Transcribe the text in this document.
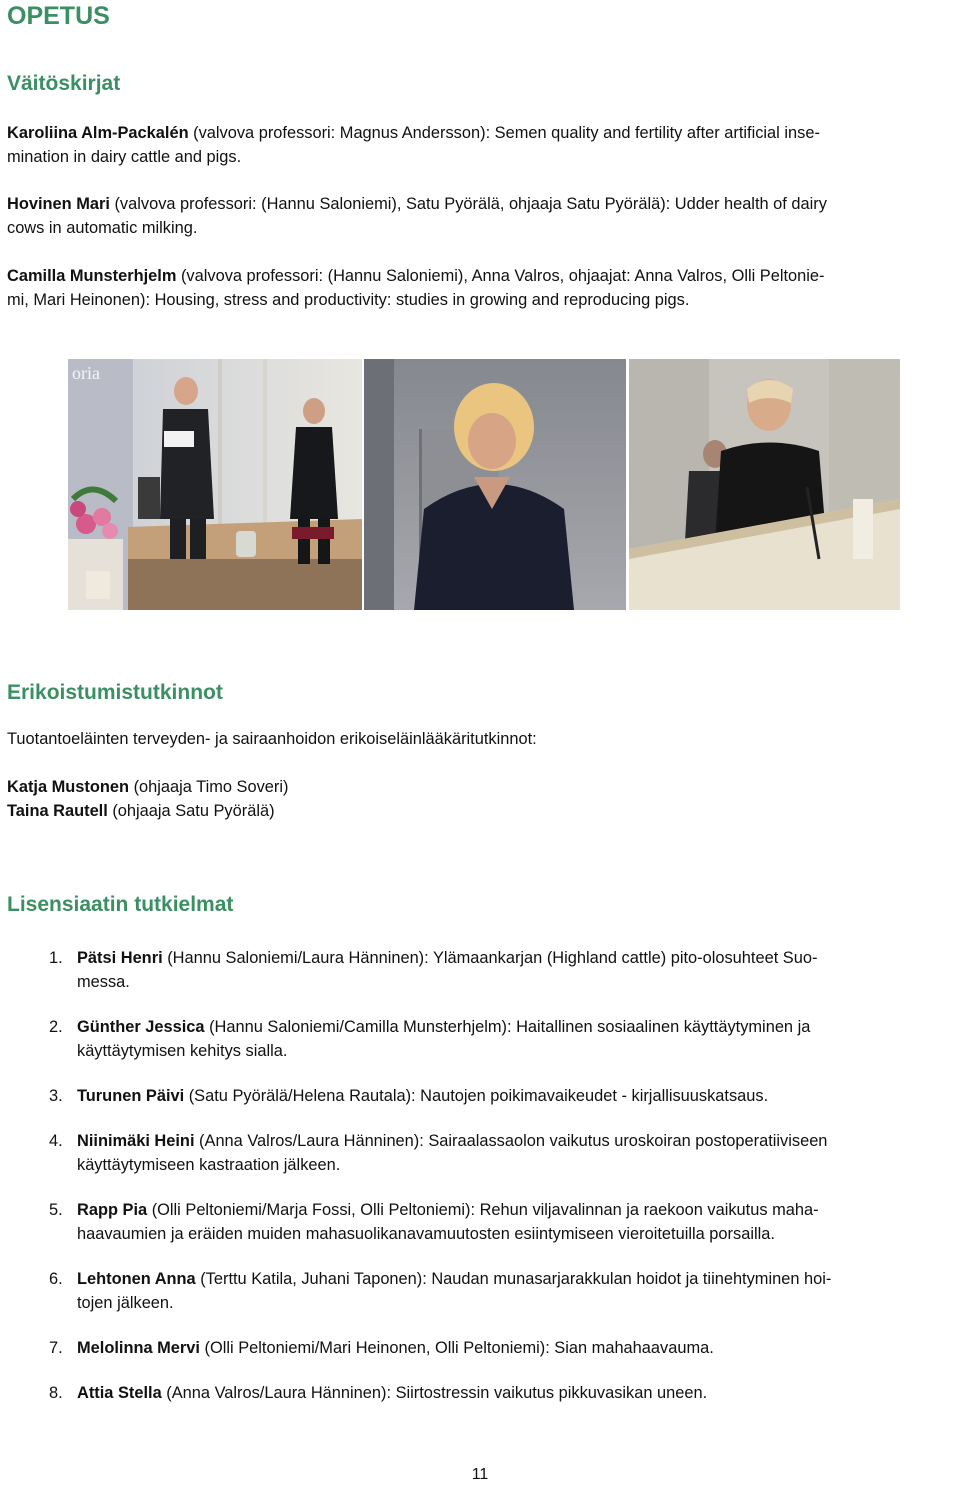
OPETUS
Väitöskirjat

Karoliina Alm-Packalén (valvova professori: Magnus Andersson): Semen quality and fertility after artificial inse-
mination in dairy cattle and pigs.

Hovinen Mari (valvova professori: (Hannu Saloniemi), Satu Pyörälä, ohjaaja Satu Pyörälä): Udder health of dairy
cows in automatic milking.

Camilla Munsterhjelm (valvova professori: (Hannu Saloniemi), Anna Valros, ohjaajat: Anna Valros, Olli Peltonie-
mi, Mari Heinonen): Housing, stress and productivity: studies in growing and reproducing pigs.

oria
Erikoistumistutkinnot

Tuotantoeläinten terveyden- ja sairaanhoidon erikoiseläinlääkäritutkinnot:

Katja Mustonen (ohjaaja Timo Soveri)
Taina Rautell (ohjaaja Satu Pyörälä)

Lisensiaatin tutkielmat
1. Pätsi Henri (Hannu Saloniemi/Laura Hänninen): Ylämaankarjan (Highland cattle) pito-olosuhteet Suo-
messa.
2. Günther Jessica (Hannu Saloniemi/Camilla Munsterhjelm): Haitallinen sosiaalinen käyttäytyminen ja
käyttäytymisen kehitys sialla.
3. Turunen Päivi (Satu Pyörälä/Helena Rautala): Nautojen poikimavaikeudet - kirjallisuuskatsaus.
4. Niinimäki Heini (Anna Valros/Laura Hänninen): Sairaalassaolon vaikutus uroskoiran postoperatiiviseen
käyttäytymiseen kastraation jälkeen.
5. Rapp Pia (Olli Peltoniemi/Marja Fossi, Olli Peltoniemi): Rehun viljavalinnan ja raekoon vaikutus maha-
haavaumien ja eräiden muiden mahasuolikanavamuutosten esiintymiseen vieroitetuilla porsailla.
6. Lehtonen Anna (Terttu Katila, Juhani Taponen): Naudan munasarjarakkulan hoidot ja tiinehtyminen hoi-
tojen jälkeen.
7. Melolinna Mervi (Olli Peltoniemi/Mari Heinonen, Olli Peltoniemi): Sian mahahaavauma.
8. Attia Stella (Anna Valros/Laura Hänninen): Siirtostressin vaikutus pikkuvasikan uneen.
11
